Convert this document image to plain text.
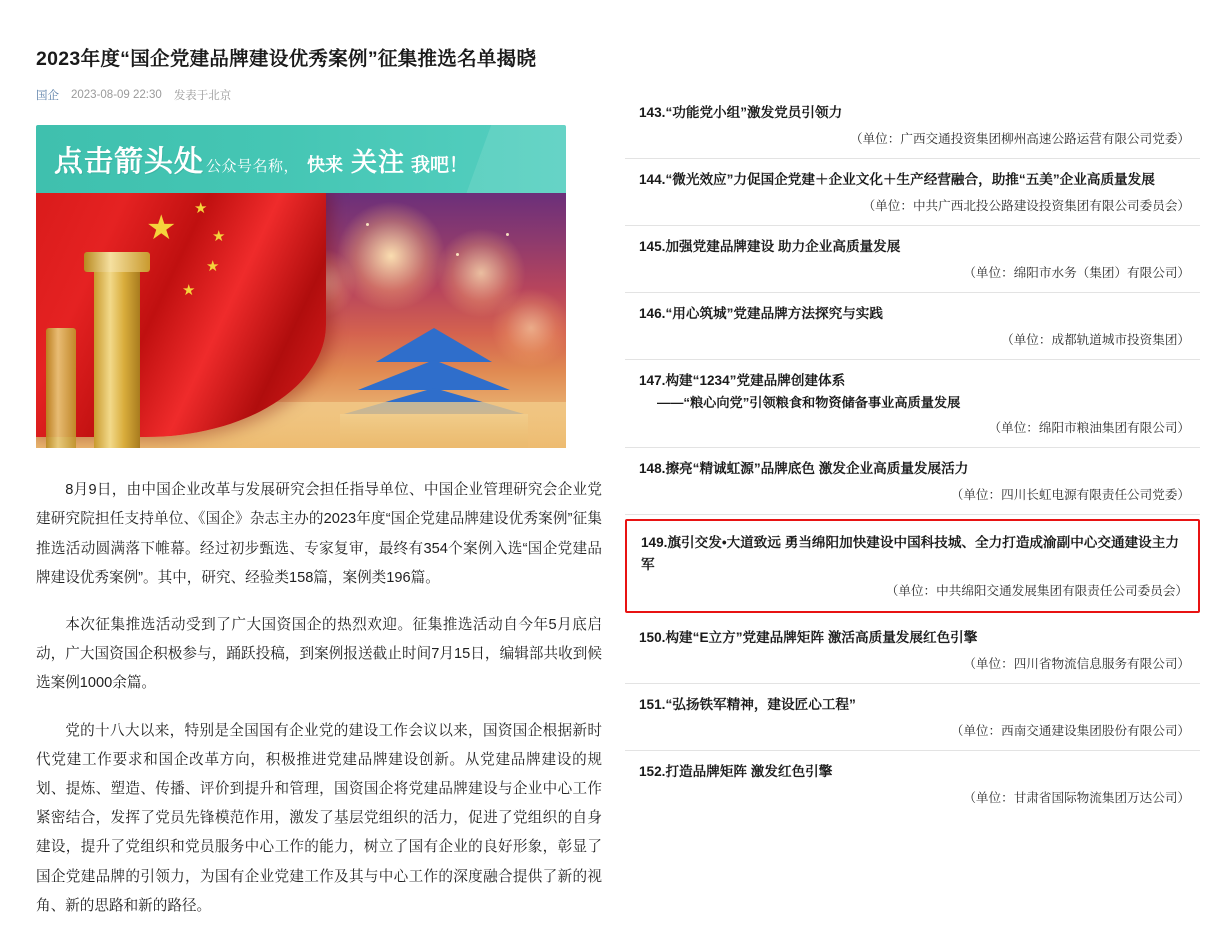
2023年度“国企党建品牌建设优秀案例”征集推选名单揭晓
国企 2023-08-09 22:30 发表于北京
点击箭头处 公众号名称， 快来 关注 我吧！
★
★
★
★
★

8月9日，由中国企业改革与发展研究会担任指导单位、中国企业管理研究会企业党建研究院担任支持单位、《国企》杂志主办的2023年度“国企党建品牌建设优秀案例”征集推选活动圆满落下帷幕。经过初步甄选、专家复审，最终有354个案例入选“国企党建品牌建设优秀案例”。其中，研究、经验类158篇，案例类196篇。

本次征集推选活动受到了广大国资国企的热烈欢迎。征集推选活动自今年5月底启动，广大国资国企积极参与，踊跃投稿，到案例报送截止时间7月15日，编辑部共收到候选案例1000余篇。

党的十八大以来，特别是全国国有企业党的建设工作会议以来，国资国企根据新时代党建工作要求和国企改革方向，积极推进党建品牌建设创新。从党建品牌建设的规划、提炼、塑造、传播、评价到提升和管理，国资国企将党建品牌建设与企业中心工作紧密结合，发挥了党员先锋模范作用，激发了基层党组织的活力，促进了党组织的自身建设，提升了党组织和党员服务中心工作的能力，树立了国有企业的良好形象，彰显了国企党建品牌的引领力，为国有企业党建工作及其与中心工作的深度融合提供了新的视角、新的思路和新的路径。

143.“功能党小组”激发党员引领力
（单位：广西交通投资集团柳州高速公路运营有限公司党委）
144.“微光效应”力促国企党建＋企业文化＋生产经营融合，助推“五美”企业高质量发展
（单位：中共广西北投公路建设投资集团有限公司委员会）
145.加强党建品牌建设 助力企业高质量发展
（单位：绵阳市水务（集团）有限公司）
146.“用心筑城”党建品牌方法探究与实践
（单位：成都轨道城市投资集团）
147.构建“1234”党建品牌创建体系
——“粮心向党”引领粮食和物资储备事业高质量发展
（单位：绵阳市粮油集团有限公司）
148.擦亮“精诚虹源”品牌底色 激发企业高质量发展活力
（单位：四川长虹电源有限责任公司党委）
149.旗引交发•大道致远 勇当绵阳加快建设中国科技城、全力打造成渝副中心交通建设主力军
（单位：中共绵阳交通发展集团有限责任公司委员会）
150.构建“E立方”党建品牌矩阵 激活高质量发展红色引擎
（单位：四川省物流信息服务有限公司）
151.“弘扬铁军精神，建设匠心工程”
（单位：西南交通建设集团股份有限公司）
152.打造品牌矩阵 激发红色引擎
（单位：甘肃省国际物流集团万达公司）
